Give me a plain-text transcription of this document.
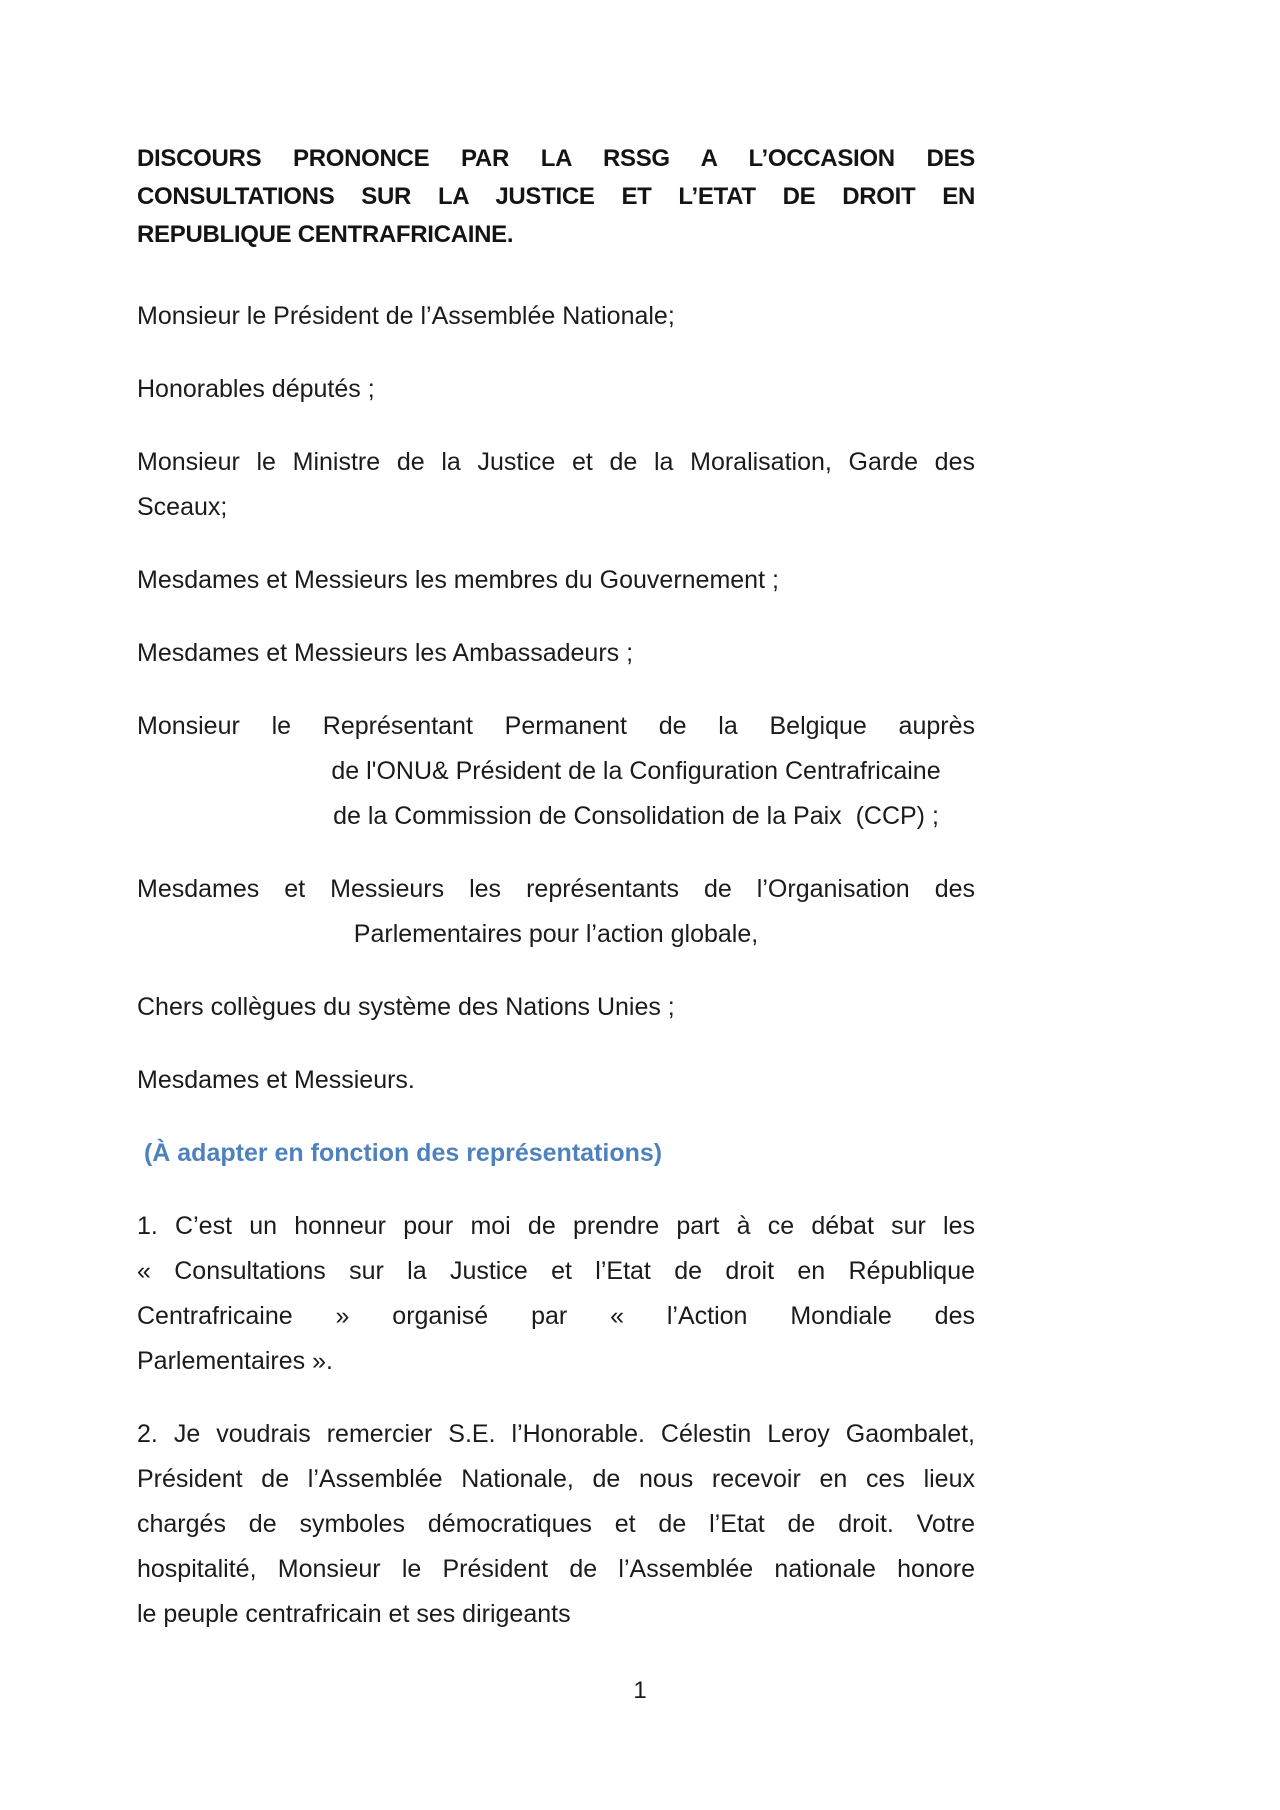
DISCOURS PRONONCE PAR LA RSSG A L’OCCASION DES
CONSULTATIONS SUR LA JUSTICE ET L’ETAT DE DROIT EN
REPUBLIQUE CENTRAFRICAINE.
Monsieur le Président de l’Assemblée Nationale;
Honorables députés ;
Monsieur le Ministre de la Justice et de la Moralisation, Garde des
Sceaux;
Mesdames et Messieurs les membres du Gouvernement ;
Mesdames et Messieurs les Ambassadeurs ;
Monsieur le Représentant Permanent de la Belgique auprès
de l'ONU& Président de la Configuration Centrafricaine
de la Commission de Consolidation de la Paix  (CCP) ;
Mesdames et Messieurs les représentants de l’Organisation des
Parlementaires pour l’action globale,
Chers collègues du système des Nations Unies ;
Mesdames et Messieurs.
(À adapter en fonction des représentations)
1. C’est un honneur pour moi de prendre part à ce débat sur les
« Consultations sur la Justice et l’Etat de droit en République
Centrafricaine » organisé par « l’Action Mondiale des
Parlementaires ».
2. Je voudrais remercier S.E. l’Honorable. Célestin Leroy Gaombalet,
Président de l’Assemblée Nationale, de nous recevoir en ces lieux
chargés de symboles démocratiques et de l’Etat de droit. Votre
hospitalité, Monsieur le Président de l’Assemblée nationale honore
le peuple centrafricain et ses dirigeants
1
